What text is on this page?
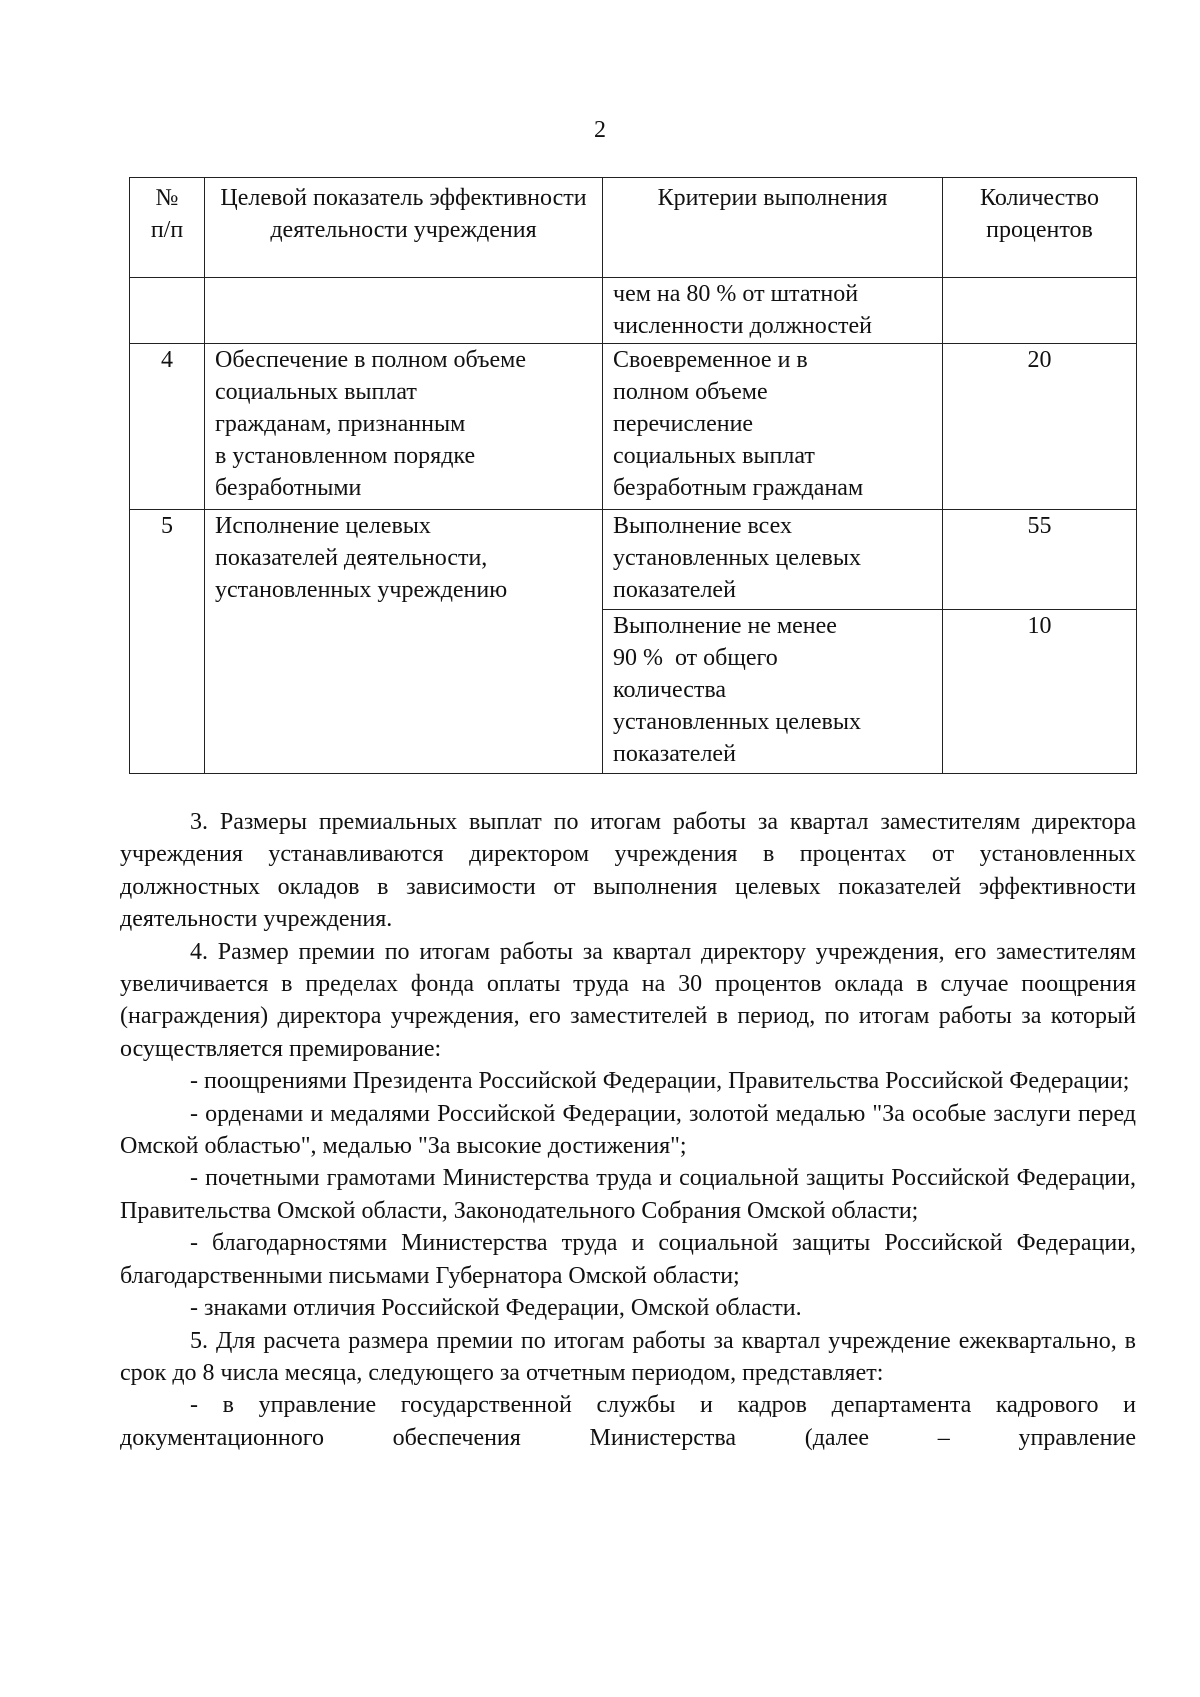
2
№ п/п	Целевой показатель эффективности деятельности учреждения	Критерии выполнения	Количество процентов

		чем на 80 % от штатной
численности должностей	

4	Обеспечение в полном объеме
социальных выплат
гражданам, признанным
в установленном порядке
безработными	Своевременное и в
полном объеме
перечисление
социальных выплат
безработным гражданам	20
5	Исполнение целевых
показателей деятельности,
установленных учреждению	Выполнение всех
установленных целевых
показателей	55

		Выполнение не менее
90 %  от общего
количества
установленных целевых
показателей	10

3. Размеры премиальных выплат по итогам работы за квартал заместителям директора учреждения устанавливаются директором учреждения в процентах от установленных должностных окладов в зависимости от выполнения целевых показателей эффективности деятельности учреждения.

4. Размер премии по итогам работы за квартал директору учреждения, его заместителям увеличивается в пределах фонда оплаты труда на 30 процентов оклада в случае поощрения (награждения) директора учреждения, его заместителей в период, по итогам работы за который осуществляется премирование:

- поощрениями Президента Российской Федерации, Правительства Российской Федерации;

- орденами и медалями Российской Федерации, золотой медалью "За особые заслуги перед Омской областью", медалью "За высокие достижения";

- почетными грамотами Министерства труда и социальной защиты Российской Федерации, Правительства Омской области, Законодательного Собрания Омской области;

- благодарностями Министерства труда и социальной защиты Российской Федерации, благодарственными письмами Губернатора Омской области;

- знаками отличия Российской Федерации, Омской области.

5. Для расчета размера премии по итогам работы за квартал учреждение ежеквартально, в срок до 8 числа месяца, следующего за отчетным периодом, представляет:

- в управление государственной службы и кадров департамента кадрового и документационного обеспечения Министерства (далее – управление
